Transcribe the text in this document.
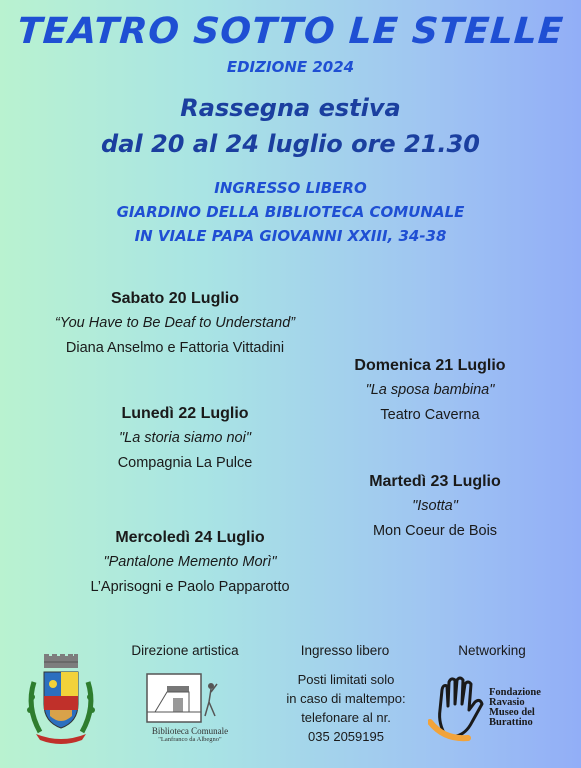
TEATRO SOTTO LE STELLE
EDIZIONE 2024
Rassegna estiva
dal 20 al 24 luglio ore 21.30
INGRESSO LIBERO
GIARDINO DELLA BIBLIOTECA COMUNALE
IN VIALE PAPA GIOVANNI XXIII, 34-38
Sabato 20 Luglio
“You Have to Be Deaf to Understand”
Diana Anselmo e Fattoria Vittadini
Domenica 21 Luglio
"La sposa bambina"
Teatro Caverna
Lunedì 22 Luglio
"La storia siamo noi"
Compagnia La Pulce
Martedì 23 Luglio
"Isotta"
Mon Coeur de Bois
Mercoledì 24 Luglio
"Pantalone Memento Morì"
L’Aprisogni e Paolo Papparotto
Direzione artistica	Ingresso libero	Networking
Posti limitati solo
in caso di maltempo:
telefonare al nr.
035 2059195
Biblioteca Comunale
"Lanfranco da Albegno"
Fondazione
Ravasio
Museo del
Burattino
